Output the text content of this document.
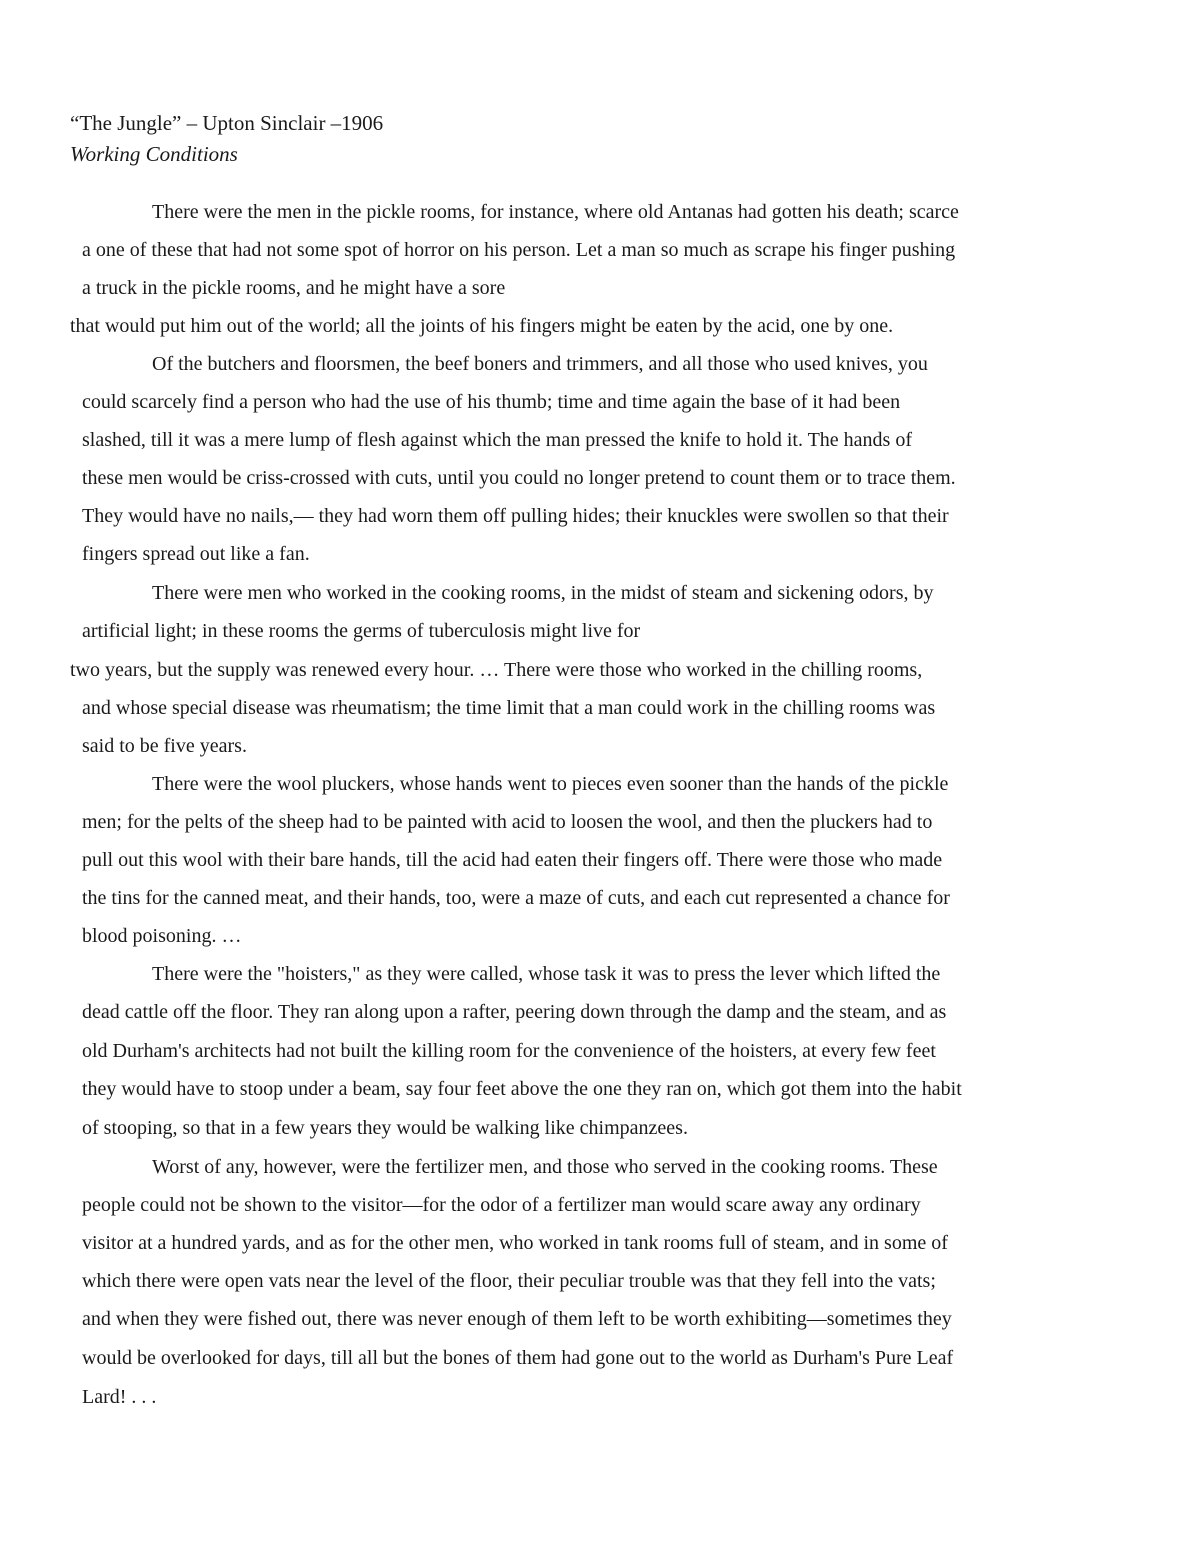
“The Jungle” – Upton Sinclair –1906
Working Conditions
There were the men in the pickle rooms, for instance, where old Antanas had gotten his death; scarce
a one of these that had not some spot of horror on his person. Let a man so much as scrape his finger pushing
a truck in the pickle rooms, and he might have a sore
that would put him out of the world; all the joints of his fingers might be eaten by the acid, one by one.
Of the butchers and floorsmen, the beef boners and trimmers, and all those who used knives, you
could scarcely find a person who had the use of his thumb; time and time again the base of it had been
slashed, till it was a mere lump of flesh against which the man pressed the knife to hold it. The hands of
these men would be criss-crossed with cuts, until you could no longer pretend to count them or to trace them.
They would have no nails,— they had worn them off pulling hides; their knuckles were swollen so that their
fingers spread out like a fan.
There were men who worked in the cooking rooms, in the midst of steam and sickening odors, by
artificial light; in these rooms the germs of tuberculosis might live for
two years, but the supply was renewed every hour. … There were those who worked in the chilling rooms,
and whose special disease was rheumatism; the time limit that a man could work in the chilling rooms was
said to be five years.
There were the wool pluckers, whose hands went to pieces even sooner than the hands of the pickle
men; for the pelts of the sheep had to be painted with acid to loosen the wool, and then the pluckers had to
pull out this wool with their bare hands, till the acid had eaten their fingers off. There were those who made
the tins for the canned meat, and their hands, too, were a maze of cuts, and each cut represented a chance for
blood poisoning. …
There were the "hoisters," as they were called, whose task it was to press the lever which lifted the
dead cattle off the floor. They ran along upon a rafter, peering down through the damp and the steam, and as
old Durham's architects had not built the killing room for the convenience of the hoisters, at every few feet
they would have to stoop under a beam, say four feet above the one they ran on, which got them into the habit
of stooping, so that in a few years they would be walking like chimpanzees.
Worst of any, however, were the fertilizer men, and those who served in the cooking rooms. These
people could not be shown to the visitor—for the odor of a fertilizer man would scare away any ordinary
visitor at a hundred yards, and as for the other men, who worked in tank rooms full of steam, and in some of
which there were open vats near the level of the floor, their peculiar trouble was that they fell into the vats;
and when they were fished out, there was never enough of them left to be worth exhibiting—sometimes they
would be overlooked for days, till all but the bones of them had gone out to the world as Durham's Pure Leaf
Lard! . . .
